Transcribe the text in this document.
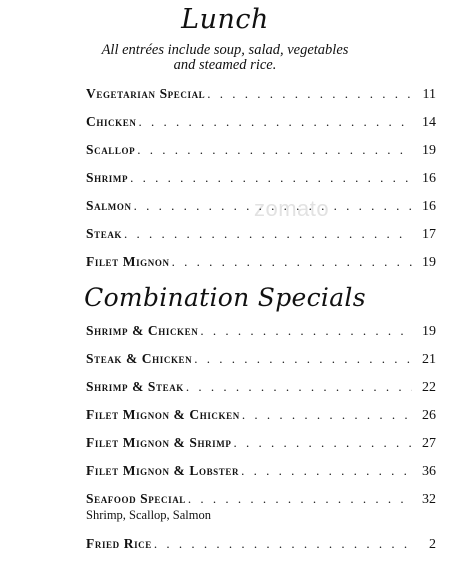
zomato
Lunch
All entrées include soup, salad, vegetables
and steamed rice.
Vegetarian Special . . .	11
Chicken . . .	14
Scallop . . .	19
Shrimp . . .	16
Salmon . . .	16
Steak . . .	17
Filet Mignon . . .	19
Combination Specials
Shrimp & Chicken . . .	19
Steak & Chicken . . .	21
Shrimp & Steak . . .	22
Filet Mignon & Chicken . . .	26
Filet Mignon & Shrimp . . .	27
Filet Mignon & Lobster . . .	36
Seafood Special . . .	32
Shrimp, Scallop, Salmon
Fried Rice . . .	2
